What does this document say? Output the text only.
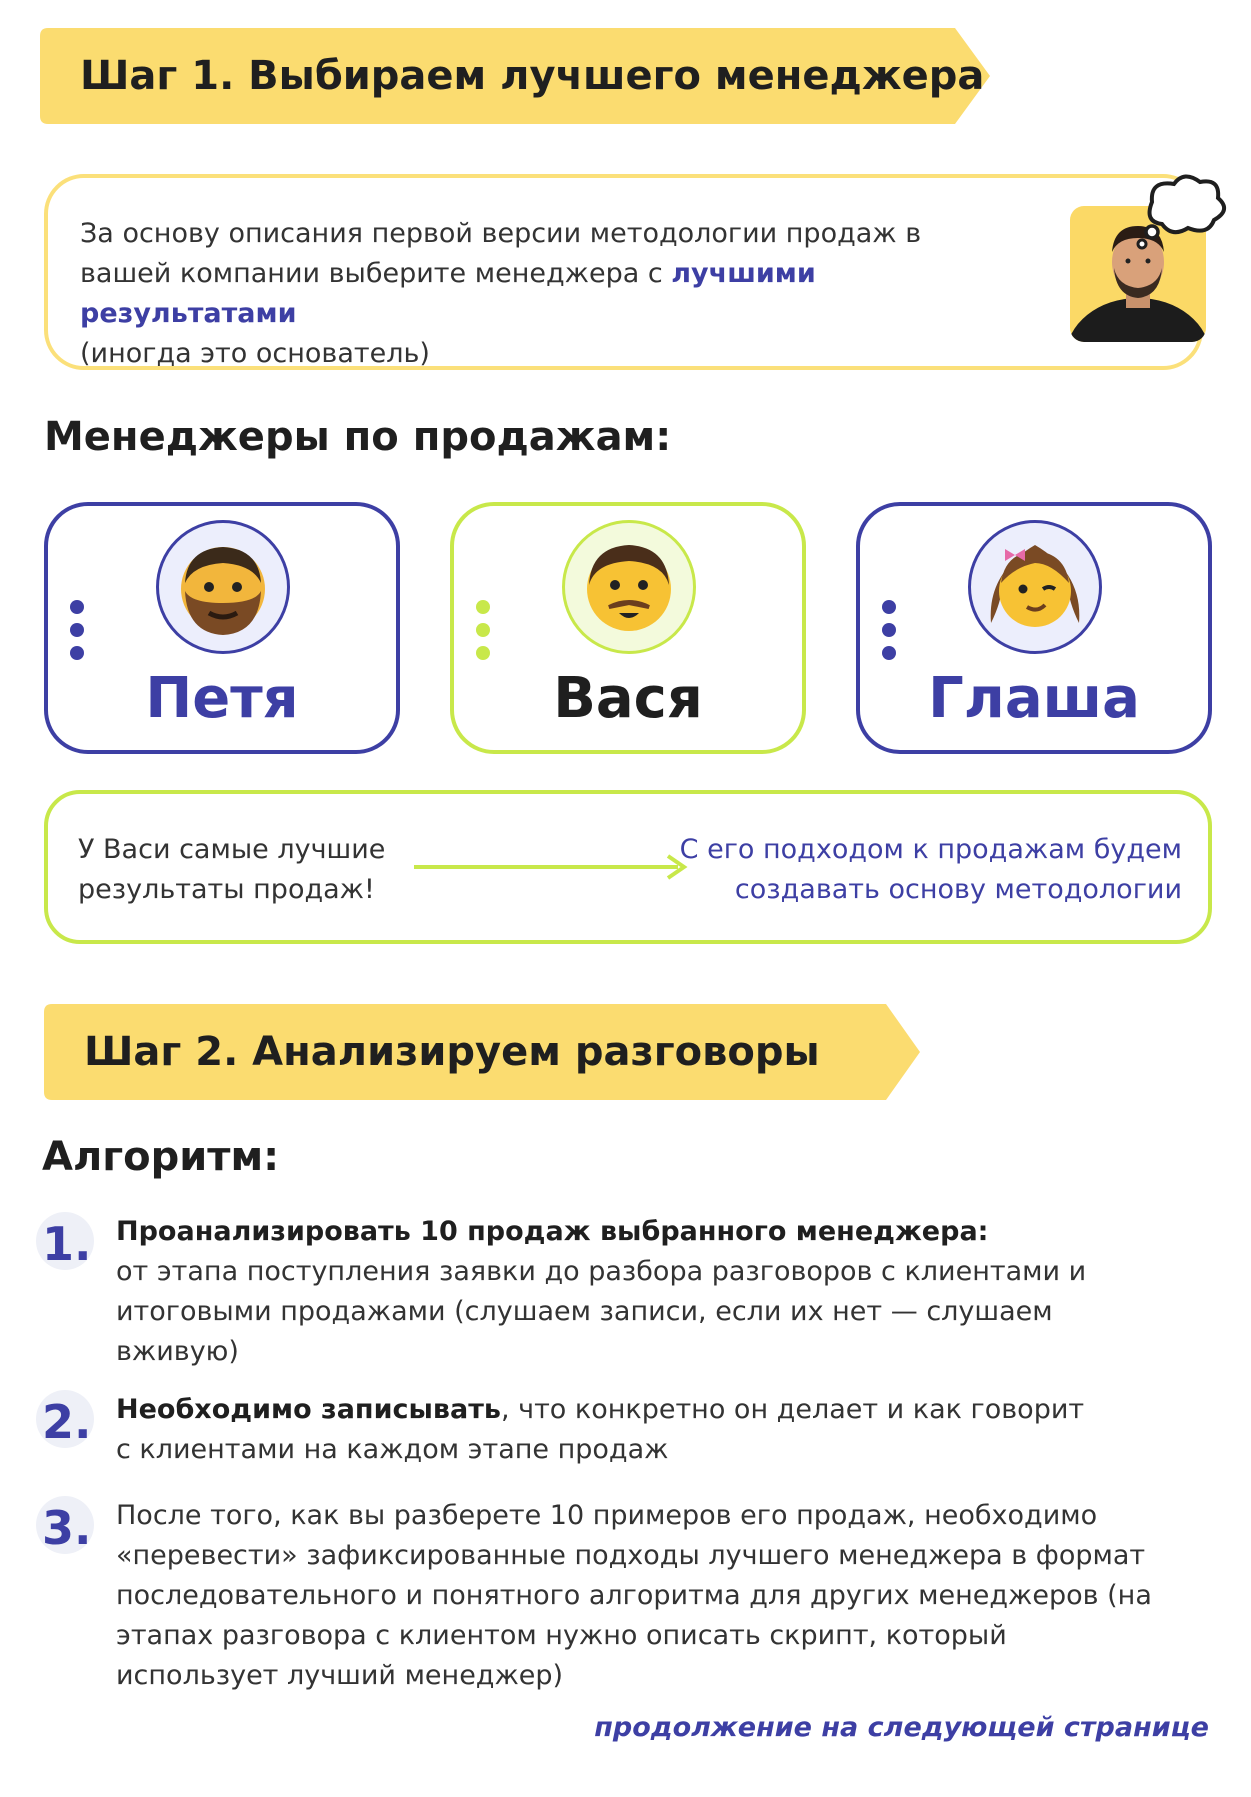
Шаг 1. Выбираем лучшего менеджера
За основу описания первой версии методологии продаж в вашей компании выберите менеджера с лучшими результатами
(иногда это основатель)
Менеджеры по продажам:
Петя	Вася	Глаша
У Васи самые лучшие результаты продаж!
С его подходом к продажам будем создавать основу методологии
Шаг 2. Анализируем разговоры
Алгоритм:
1. Проанализировать 10 продаж выбранного менеджера:
от этапа поступления заявки до разбора разговоров с клиентами и итоговыми продажами (слушаем записи, если их нет — слушаем вживую)
2. Необходимо записывать, что конкретно он делает и как говорит с клиентами на каждом этапе продаж
3. После того, как вы разберете 10 примеров его продаж, необходимо «перевести» зафиксированные подходы лучшего менеджера в формат последовательного и понятного алгоритма для других менеджеров (на этапах разговора с клиентом нужно описать скрипт, который использует лучший менеджер)
продолжение на следующей странице
